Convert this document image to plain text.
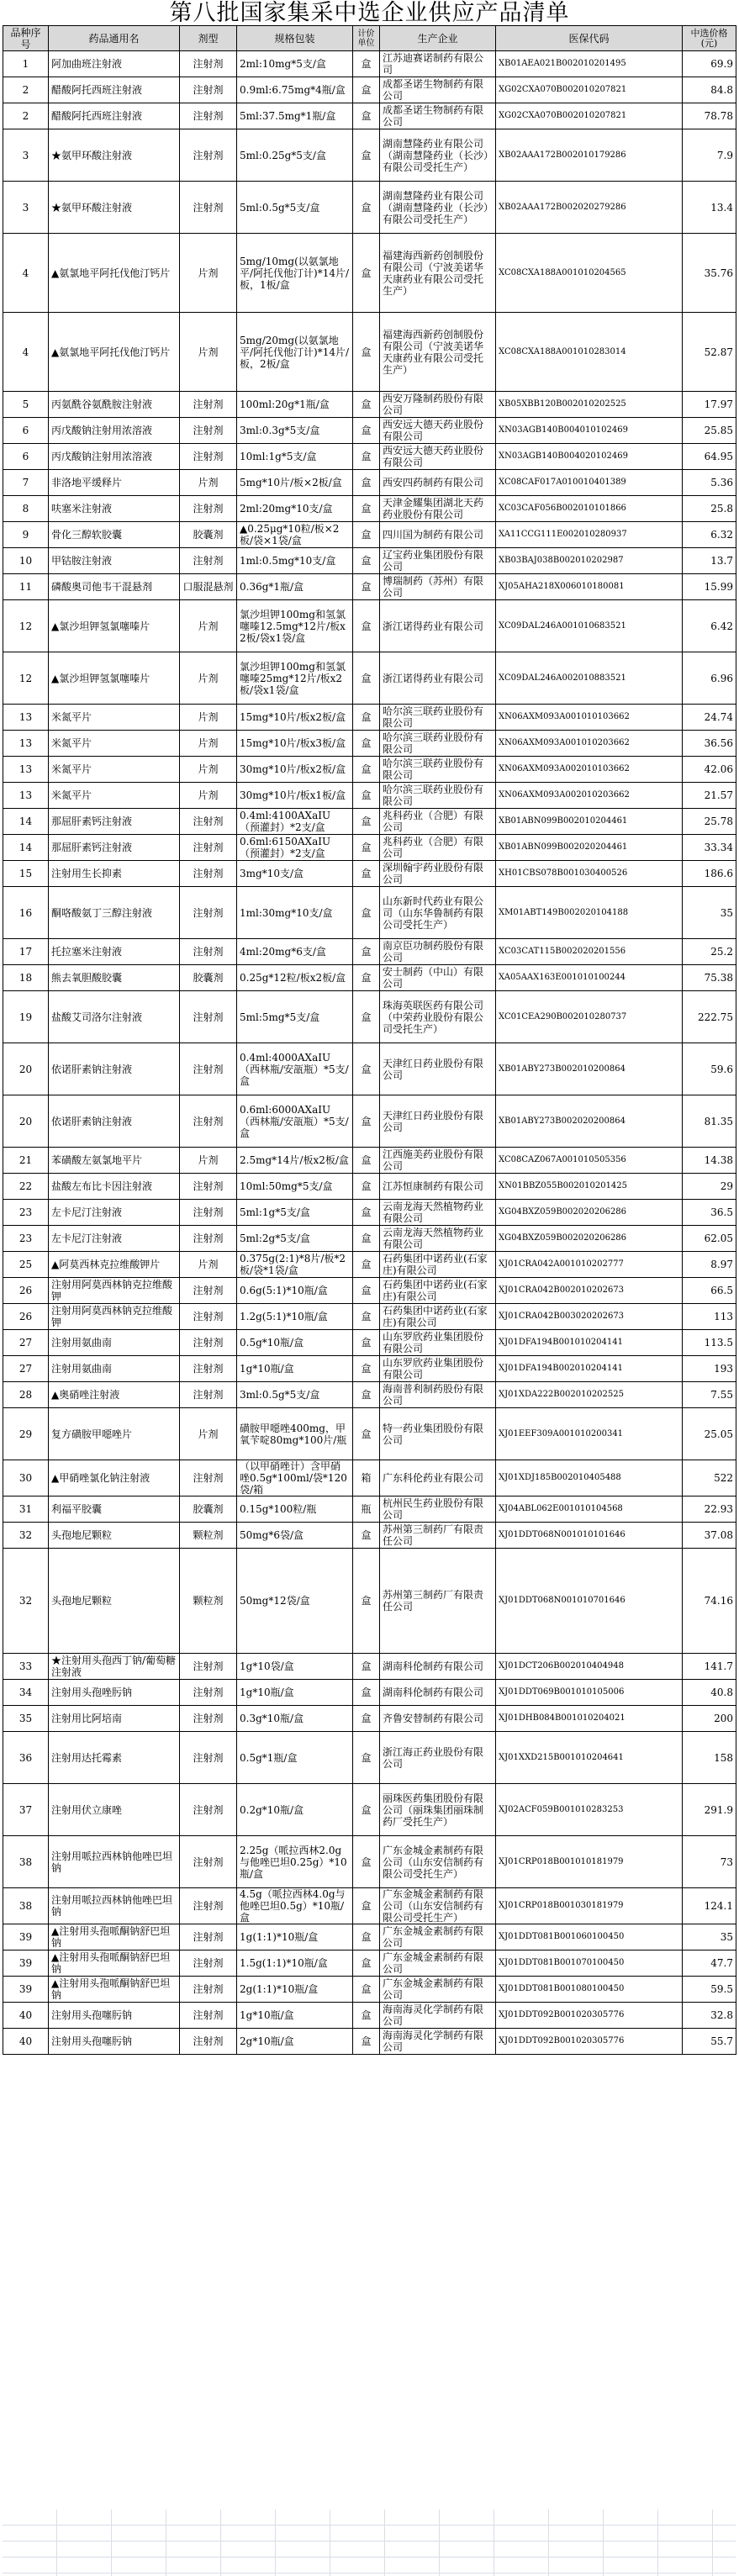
第八批国家集采中选企业供应产品清单
品种序号	药品通用名	剂型	规格包装	计价单位	生产企业	医保代码	中选价格(元)
1	阿加曲班注射液	注射剂	2ml:10mg*5支/盒	盒	江苏迪赛诺制药有限公司	XB01AEA021B002010201495	69.9
2	醋酸阿托西班注射液	注射剂	0.9ml:6.75mg*4瓶/盒	盒	成都圣诺生物制药有限公司	XG02CXA070B002010207821	84.8
2	醋酸阿托西班注射液	注射剂	5ml:37.5mg*1瓶/盒	盒	成都圣诺生物制药有限公司	XG02CXA070B002010207821	78.78
3	★氨甲环酸注射液	注射剂	5ml:0.25g*5支/盒	盒	湖南慧隆药业有限公司（湖南慧隆药业（长沙）有限公司受托生产）	XB02AAA172B002010179286	7.9
3	★氨甲环酸注射液	注射剂	5ml:0.5g*5支/盒	盒	湖南慧隆药业有限公司（湖南慧隆药业（长沙）有限公司受托生产）	XB02AAA172B002020279286	13.4
4	▲氨氯地平阿托伐他汀钙片	片剂	5mg/10mg(以氨氯地平/阿托伐他汀计)*14片/板，1板/盒	盒	福建海西新药创制股份有限公司（宁波美诺华天康药业有限公司受托生产）	XC08CXA188A001010204565	35.76
4	▲氨氯地平阿托伐他汀钙片	片剂	5mg/20mg(以氨氯地平/阿托伐他汀计)*14片/板，2板/盒	盒	福建海西新药创制股份有限公司（宁波美诺华天康药业有限公司受托生产）	XC08CXA188A001010283014	52.87
5	丙氨酰谷氨酰胺注射液	注射剂	100ml:20g*1瓶/盒	盒	西安万隆制药股份有限公司	XB05XBB120B002010202525	17.97
6	丙戊酸钠注射用浓溶液	注射剂	3ml:0.3g*5支/盒	盒	西安远大德天药业股份有限公司	XN03AGB140B004010102469	25.85
6	丙戊酸钠注射用浓溶液	注射剂	10ml:1g*5支/盒	盒	西安远大德天药业股份有限公司	XN03AGB140B004020102469	64.95
7	非洛地平缓释片	片剂	5mg*10片/板×2板/盒	盒	西安四药制药有限公司	XC08CAF017A010010401389	5.36
8	呋塞米注射液	注射剂	2ml:20mg*10支/盒	盒	天津金耀集团湖北天药药业股份有限公司	XC03CAF056B002010101866	25.8
9	骨化三醇软胶囊	胶囊剂	▲0.25μg*10粒/板×2板/袋×1袋/盒	盒	四川国为制药有限公司	XA11CCG111E002010280937	6.32
10	甲钴胺注射液	注射剂	1ml:0.5mg*10支/盒	盒	辽宝药业集团股份有限公司	XB03BAJ038B002010202987	13.7
11	磷酸奥司他韦干混悬剂	口服混悬剂	0.36g*1瓶/盒	盒	博瑞制药（苏州）有限公司	XJ05AHA218X006010180081	15.99
12	▲氯沙坦钾氢氯噻嗪片	片剂	氯沙坦钾100mg和氢氯噻嗪12.5mg*12片/板x2板/袋x1袋/盒	盒	浙江诺得药业有限公司	XC09DAL246A001010683521	6.42
12	▲氯沙坦钾氢氯噻嗪片	片剂	氯沙坦钾100mg和氢氯噻嗪25mg*12片/板x2板/袋x1袋/盒	盒	浙江诺得药业有限公司	XC09DAL246A002010883521	6.96
13	米氮平片	片剂	15mg*10片/板x2板/盒	盒	哈尔滨三联药业股份有限公司	XN06AXM093A001010103662	24.74
13	米氮平片	片剂	15mg*10片/板x3板/盒	盒	哈尔滨三联药业股份有限公司	XN06AXM093A001010203662	36.56
13	米氮平片	片剂	30mg*10片/板x2板/盒	盒	哈尔滨三联药业股份有限公司	XN06AXM093A002010103662	42.06
13	米氮平片	片剂	30mg*10片/板x1板/盒	盒	哈尔滨三联药业股份有限公司	XN06AXM093A002010203662	21.57
14	那屈肝素钙注射液	注射剂	0.4ml:4100AXaIU（预灌封）*2支/盒	盒	兆科药业（合肥）有限公司	XB01ABN099B002010204461	25.78
14	那屈肝素钙注射液	注射剂	0.6ml:6150AXaIU（预灌封）*2支/盒	盒	兆科药业（合肥）有限公司	XB01ABN099B002020204461	33.34
15	注射用生长抑素	注射剂	3mg*10支/盒	盒	深圳翰宇药业股份有限公司	XH01CBS078B001030400526	186.6
16	酮咯酸氨丁三醇注射液	注射剂	1ml:30mg*10支/盒	盒	山东新时代药业有限公司（山东华鲁制药有限公司受托生产）	XM01ABT149B002020104188	35
17	托拉塞米注射液	注射剂	4ml:20mg*6支/盒	盒	南京臣功制药股份有限公司	XC03CAT115B002020201556	25.2
18	熊去氧胆酸胶囊	胶囊剂	0.25g*12粒/板x2板/盒	盒	安士制药（中山）有限公司	XA05AAX163E001010100244	75.38
19	盐酸艾司洛尔注射液	注射剂	5ml:5mg*5支/盒	盒	珠海英联医药有限公司（中荣药业股份有限公司受托生产）	XC01CEA290B002010280737	222.75
20	依诺肝素钠注射液	注射剂	0.4ml:4000AXaIU（西林瓶/安瓿瓶）*5支/盒	盒	天津红日药业股份有限公司	XB01ABY273B002010200864	59.6
20	依诺肝素钠注射液	注射剂	0.6ml:6000AXaIU（西林瓶/安瓿瓶）*5支/盒	盒	天津红日药业股份有限公司	XB01ABY273B002020200864	81.35
21	苯磺酸左氨氯地平片	片剂	2.5mg*14片/板x2板/盒	盒	江西施美药业股份有限公司	XC08CAZ067A001010505356	14.38
22	盐酸左布比卡因注射液	注射剂	10ml:50mg*5支/盒	盒	江苏恒康制药有限公司	XN01BBZ055B002010201425	29
23	左卡尼汀注射液	注射剂	5ml:1g*5支/盒	盒	云南龙海天然植物药业有限公司	XG04BXZ059B002020206286	36.5
23	左卡尼汀注射液	注射剂	5ml:2g*5支/盒	盒	云南龙海天然植物药业有限公司	XG04BXZ059B002020206286	62.05
25	▲阿莫西林克拉维酸钾片	片剂	0.375g(2:1)*8片/板*2板/袋*1袋/盒	盒	石药集团中诺药业(石家庄)有限公司	XJ01CRA042A001010202777	8.97
26	注射用阿莫西林钠克拉维酸钾	注射剂	0.6g(5:1)*10瓶/盒	盒	石药集团中诺药业(石家庄)有限公司	XJ01CRA042B002010202673	66.5
26	注射用阿莫西林钠克拉维酸钾	注射剂	1.2g(5:1)*10瓶/盒	盒	石药集团中诺药业(石家庄)有限公司	XJ01CRA042B003020202673	113
27	注射用氨曲南	注射剂	0.5g*10瓶/盒	盒	山东罗欣药业集团股份有限公司	XJ01DFA194B001010204141	113.5
27	注射用氨曲南	注射剂	1g*10瓶/盒	盒	山东罗欣药业集团股份有限公司	XJ01DFA194B002010204141	193
28	▲奥硝唑注射液	注射剂	3ml:0.5g*5支/盒	盒	海南普利制药股份有限公司	XJ01XDA222B002010202525	7.55
29	复方磺胺甲噁唑片	片剂	磺胺甲噁唑400mg，甲氧苄啶80mg*100片/瓶	盒	特一药业集团股份有限公司	XJ01EEF309A001010200341	25.05
30	▲甲硝唑氯化钠注射液	注射剂	（以甲硝唑计）含甲硝唑0.5g*100ml/袋*120袋/箱	箱	广东科伦药业有限公司	XJ01XDJ185B002010405488	522
31	利福平胶囊	胶囊剂	0.15g*100粒/瓶	瓶	杭州民生药业股份有限公司	XJ04ABL062E001010104568	22.93
32	头孢地尼颗粒	颗粒剂	50mg*6袋/盒	盒	苏州第三制药厂有限责任公司	XJ01DDT068N001010101646	37.08
32	头孢地尼颗粒	颗粒剂	50mg*12袋/盒	盒	苏州第三制药厂有限责任公司	XJ01DDT068N001010701646	74.16
33	★注射用头孢西丁钠/葡萄糖注射液	注射剂	1g*10袋/盒	盒	湖南科伦制药有限公司	XJ01DCT206B002010404948	141.7
34	注射用头孢唑肟钠	注射剂	1g*10瓶/盒	盒	湖南科伦制药有限公司	XJ01DDT069B001010105006	40.8
35	注射用比阿培南	注射剂	0.3g*10瓶/盒	盒	齐鲁安替制药有限公司	XJ01DHB084B001010204021	200
36	注射用达托霉素	注射剂	0.5g*1瓶/盒	盒	浙江海正药业股份有限公司	XJ01XXD215B001010204641	158
37	注射用伏立康唑	注射剂	0.2g*10瓶/盒	盒	丽珠医药集团股份有限公司（丽珠集团丽珠制药厂受托生产）	XJ02ACF059B001010283253	291.9
38	注射用哌拉西林钠他唑巴坦钠	注射剂	2.25g（哌拉西林2.0g与他唑巴坦0.25g）*10瓶/盒	盒	广东金城金素制药有限公司（山东安信制药有限公司受托生产）	XJ01CRP018B001010181979	73
38	注射用哌拉西林钠他唑巴坦钠	注射剂	4.5g（哌拉西林4.0g与他唑巴坦0.5g）*10瓶/盒	盒	广东金城金素制药有限公司（山东安信制药有限公司受托生产）	XJ01CRP018B001030181979	124.1
39	▲注射用头孢哌酮钠舒巴坦钠	注射剂	1g(1:1)*10瓶/盒	盒	广东金城金素制药有限公司	XJ01DDT081B001060100450	35
39	▲注射用头孢哌酮钠舒巴坦钠	注射剂	1.5g(1:1)*10瓶/盒	盒	广东金城金素制药有限公司	XJ01DDT081B001070100450	47.7
39	▲注射用头孢哌酮钠舒巴坦钠	注射剂	2g(1:1)*10瓶/盒	盒	广东金城金素制药有限公司	XJ01DDT081B001080100450	59.5
40	注射用头孢噻肟钠	注射剂	1g*10瓶/盒	盒	海南海灵化学制药有限公司	XJ01DDT092B001020305776	32.8
40	注射用头孢噻肟钠	注射剂	2g*10瓶/盒	盒	海南海灵化学制药有限公司	XJ01DDT092B001020305776	55.7
